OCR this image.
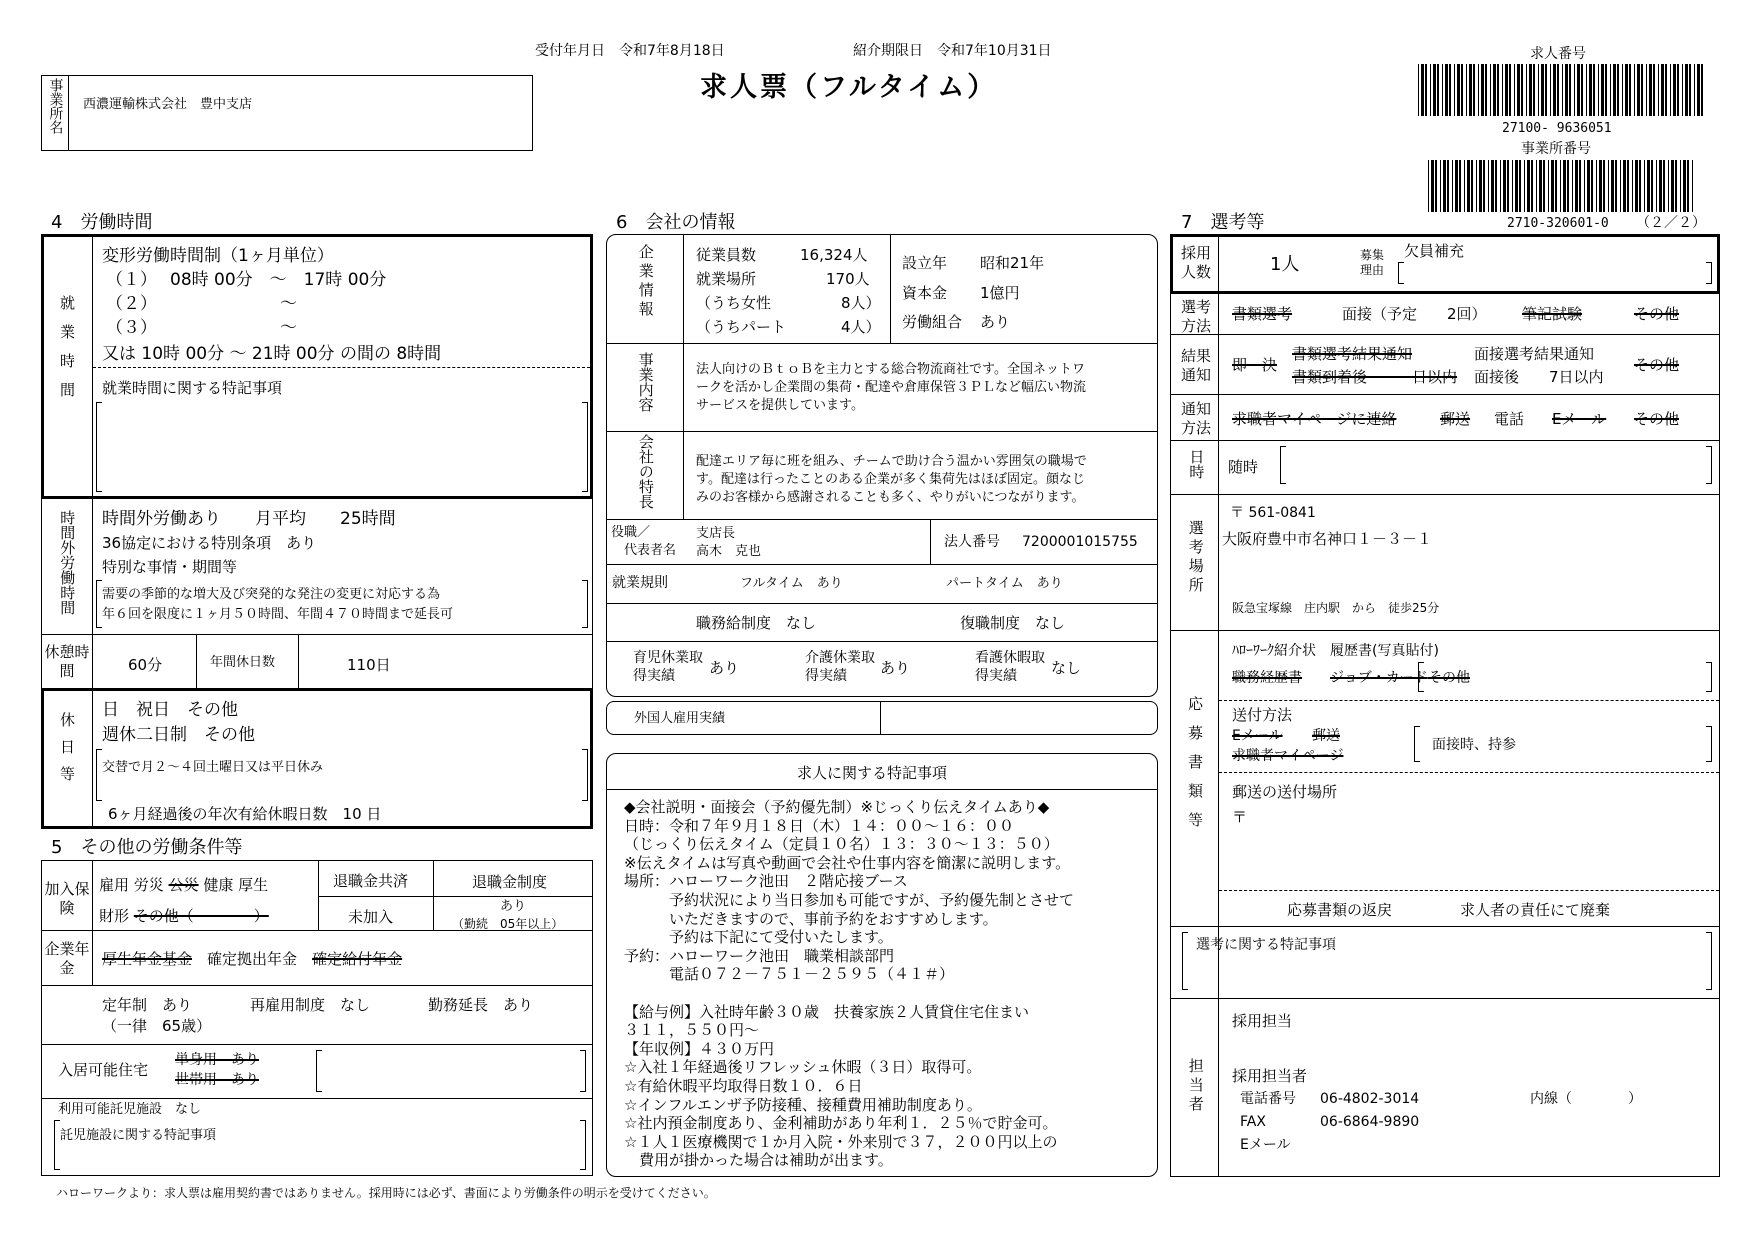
受付年月日　 令和7年8月18日	紹介期限日　 令和7年10月31日
求人票（フルタイム）
事業所名 西濃運輸株式会社　豊中支店
求人番号
27100- 9636051
事業所番号
2710-320601-0 （２／２）
4　労働時間
就業時間
変形労働時間制（1ヶ月単位）
（１） 08時 00分　～　17時 00分
（２）	～
（３）	～
又は 10時 00分 ～ 21時 00分 の間の 8時間
就業時間に関する特記事項
時間外労働時間	時間外労働あり　　月平均　　25時間
36協定における特別条項　あり
特別な事情・期間等
需要の季節的な増大及び突発的な発注の変更に対応する為
年６回を限度に１ヶ月５０時間、年間４７０時間まで延長可
休憩時間	60分	年間休日数	110日
休日等
日　祝日　その他
週休二日制　その他
交替で月２～４回土曜日又は平日休み
6ヶ月経過後の年次有給休暇日数　10 日
5　その他の労働条件等
加入保険
雇用 労災 公災 健康 厚生
財形 その他（　　　　）
退職金共済
未加入
退職金制度
あり
（勤続　05年以上）
企業年金	厚生年金基金　 確定拠出年金　 確定給付年金
定年制　あり
（一律　65歳）
再雇用制度　なし	勤務延長　あり
入居可能住宅
単身用　あり
世帯用　あり
利用可能託児施設　なし
託児施設に関する特記事項
6　会社の情報
企業情報	従業員数	16,324人
就業場所	170人
（うち女性	8人）
（うちパート	4人）
設立年 昭和21年
資本金 1億円
労働組合 あり
事業内容	法人向けのＢｔｏＢを主力とする総合物流商社です。全国ネットワ
ークを活かし企業間の集荷・配達や倉庫保管３ＰＬなど幅広い物流
サービスを提供しています。
会社の特長	配達エリア毎に班を組み、チームで助け合う温かい雰囲気の職場で
す。配達は行ったことのある企業が多く集荷先はほぼ固定。顔なじ
みのお客様から感謝されることも多く、やりがいにつながります。
役職／
代表者名
支店長
高木　克也
法人番号 7200001015755
就業規則	フルタイム　あり	パートタイム　あり
職務給制度　なし	復職制度　なし
育児休業取得実績	あり
介護休業取得実績	あり
看護休暇取得実績	なし
外国人雇用実績
求人に関する特記事項
◆会社説明・面接会（予約優先制）※じっくり伝えタイムあり◆
日時：令和７年９月１８日（木）１４：００～１６：００
（じっくり伝えタイム（定員１０名）１３：３０～１３：５０）
※伝えタイムは写真や動画で会社や仕事内容を簡潔に説明します。
場所：ハローワーク池田　２階応接ブース
　　　予約状況により当日参加も可能ですが、予約優先制とさせて
　　　いただきますので、事前予約をおすすめします。
　　　予約は下記にて受付いたします。
予約：ハローワーク池田　職業相談部門
　　　電話０７２－７５１－２５９５（４１＃）
【給与例】入社時年齢３０歳　扶養家族２人賃貸住宅住まい
３１１，５５０円～
【年収例】４３０万円
☆入社１年経過後リフレッシュ休暇（３日）取得可。
☆有給休暇平均取得日数１０．６日
☆インフルエンザ予防接種、接種費用補助制度あり。
☆社内預金制度あり、金利補助があり年利１．２５％で貯金可。
☆１人１医療機関で１か月入院・外来別で３７，２００円以上の
　費用が掛かった場合は補助が出ます。
7　選考等
採用人数	1人	募集理由
欠員補充
選考方法
書類選考	面接（予定　　2回） 筆記試験	その他
結果通知
即　決
書類選考結果通知
書類到着後　　　日以内
面接選考結果通知
面接後　　7日以内
その他
通知方法	求職者マイページに連絡	郵送 電話 Eメール その他
日時	随時
選考場所
〒 561-0841
大阪府豊中市名神口１－３－１
阪急宝塚線　庄内駅　から　徒歩25分
応募書類等
ﾊﾛｰﾜｰｸ紹介状　履歴書(写真貼付)
職務経歴書 ジョブ・カード その他
送付方法
Eメール 郵送
求職者マイページ
面接時、持参
郵送の送付場所
〒
応募書類の返戻	求人者の責任にて廃棄
選考に関する特記事項
担当者
採用担当
採用担当者
電話番号 06-4802-3014	内線（　　　　）
FAX	06-6864-9890
Eメール
ハローワークより：求人票は雇用契約書ではありません。採用時には必ず、書面により労働条件の明示を受けてください。
